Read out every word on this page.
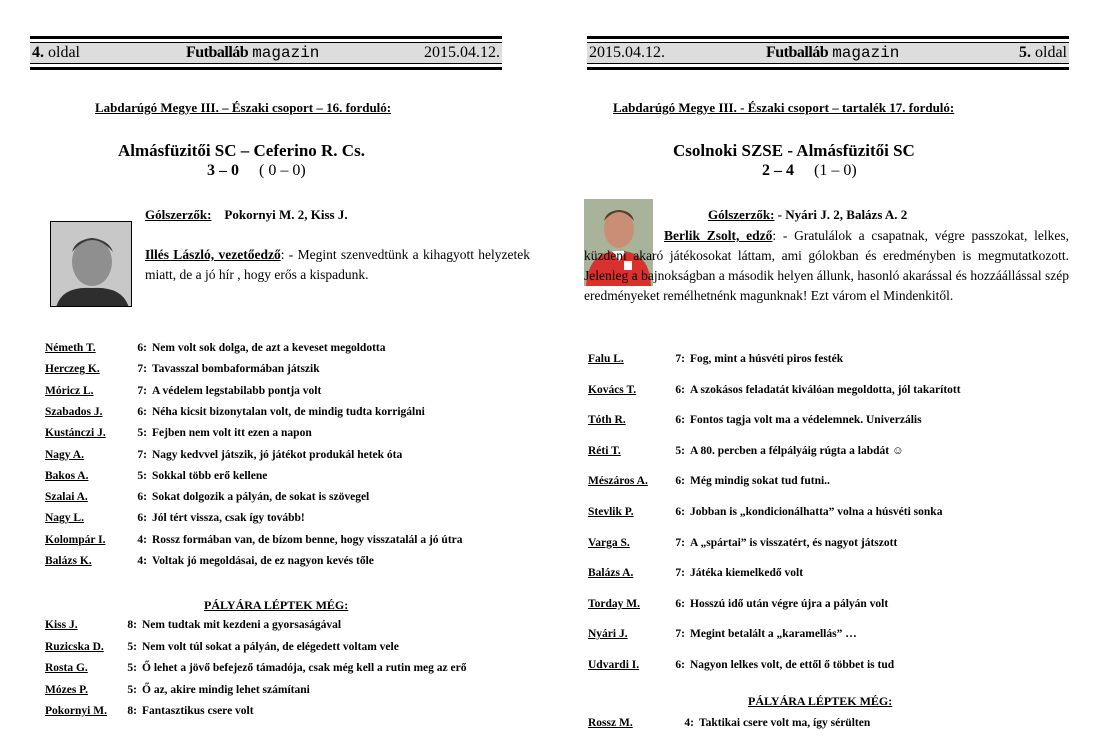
4. oldal	Futballáb magazin	2015.04.12.
Labdarúgó Megye III. – Északi csoport – 16. forduló:
Almásfüzitői SC – Ceferino R. Cs.
3 – 0 ( 0 – 0)
Gólszerzők: Pokornyi M. 2, Kiss J.
Illés László, vezetőedző: - Megint szenvedtünk a kihagyott helyzetek miatt, de a jó hír , hogy erős a kispadunk.
Németh T.	6: Nem volt sok dolga, de azt a keveset megoldotta
Herczeg K.	7: Tavasszal bombaformában játszik
Móricz L.	7: A védelem legstabilabb pontja volt
Szabados J.	6: Néha kicsit bizonytalan volt, de mindig tudta korrigálni
Kustánczi J.	5: Fejben nem volt itt ezen a napon
Nagy A.	7: Nagy kedvvel játszik, jó játékot produkál hetek óta
Bakos A.	5: Sokkal több erő kellene
Szalai A.	6: Sokat dolgozik a pályán, de sokat is szövegel
Nagy L.	6: Jól tért vissza, csak így tovább!
Kolompár I.	4: Rossz formában van, de bízom benne, hogy visszatalál a jó útra
Balázs K.	4: Voltak jó megoldásai, de ez nagyon kevés tőle
PÁLYÁRA LÉPTEK MÉG:
Kiss J.	8: Nem tudtak mit kezdeni a gyorsaságával
Ruzicska D. 5: Nem volt túl sokat a pályán, de elégedett voltam vele
Rosta G.	5: Ő lehet a jövő befejező támadója, csak még kell a rutin meg az erő
Mózes P.	5: Ő az, akire mindig lehet számítani
Pokornyi M. 8: Fantasztikus csere volt
2015.04.12.	Futballáb magazin	5. oldal
Labdarúgó Megye III. - Északi csoport – tartalék 17. forduló:
Csolnoki SZSE - Almásfüzitői SC
2 – 4 (1 – 0)
Gólszerzők: - Nyári J. 2, Balázs A. 2
Berlik Zsolt, edző: - Gratulálok a csapatnak, végre passzokat, lelkes, küzdeni akaró játékosokat láttam, ami gólokban és eredményben is megmutatkozott. Jelenleg a bajnokságban a második helyen állunk, hasonló akarással és hozzáállással szép eredményeket remélhetnénk magunknak! Ezt várom el Mindenkitől.
Falu L.	7: Fog, mint a húsvéti piros festék
Kovács T.	6: A szokásos feladatát kiválóan megoldotta, jól takarított
Tóth R.	6: Fontos tagja volt ma a védelemnek. Univerzális
Réti T.	5: A 80. percben a félpályáig rúgta a labdát ☺
Mészáros A. 6: Még mindig sokat tud futni..
Stevlik P.	6: Jobban is „kondicionálhatta” volna a húsvéti sonka
Varga S.	7: A „spártai” is visszatért, és nagyot játszott
Balázs A.	7: Játéka kiemelkedő volt
Torday M.	6: Hosszú idő után végre újra a pályán volt
Nyári J.	7: Megint betalált a „karamellás” …
Udvardi I.	6: Nagyon lelkes volt, de ettől ő többet is tud
PÁLYÁRA LÉPTEK MÉG:
Rossz M.	4: Taktikai csere volt ma, így sérülten
